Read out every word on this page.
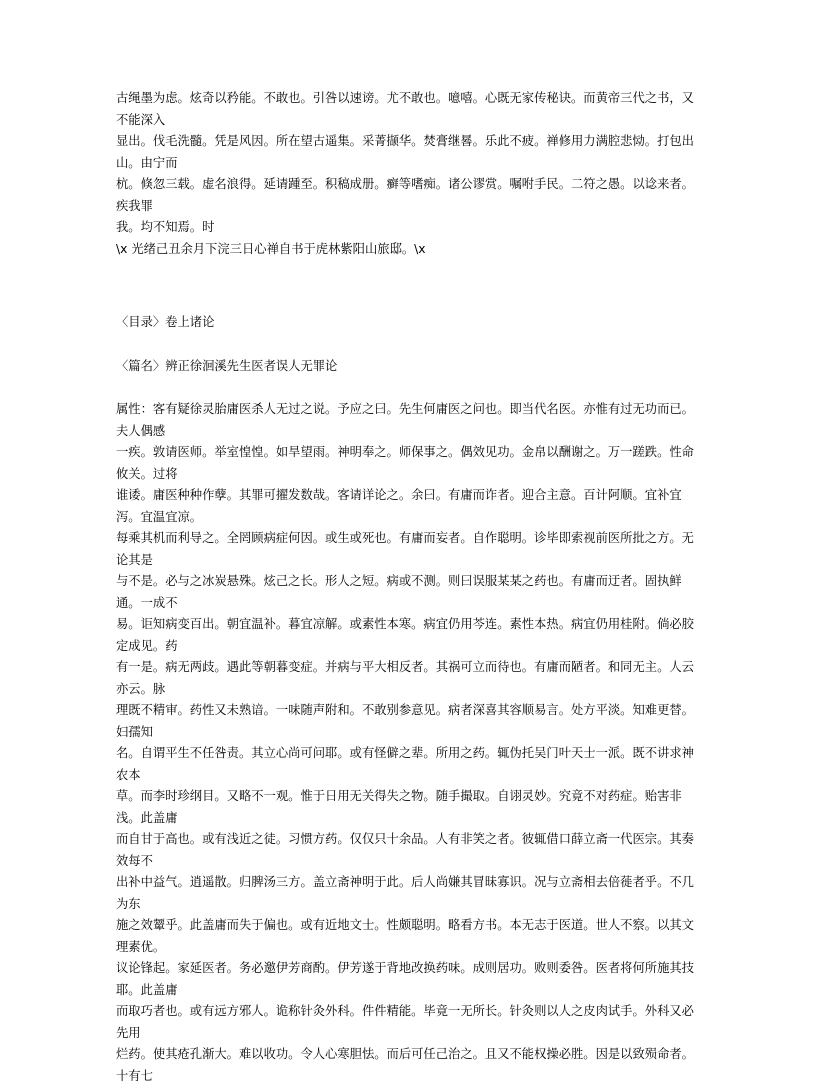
古绳墨为虑。炫奇以矜能。不敢也。引咎以速谤。尤不敢也。噫嘻。心既无家传秘诀。而黄帝三代之书，又不能深入

显出。伐毛洗髓。凭是风因。所在望古遥集。采菁撷华。焚膏继晷。乐此不疲。禅修用力满腔悲恸。打包出山。由宁而

杭。倏忽三载。虚名浪得。延请踵至。积稿成册。癣等嗜痴。诸公谬赏。嘱咐手民。二符之愚。以谂来者。疾我罪

我。均不知焉。时

\x 光绪己丑余月下浣三日心禅自书于虎林紫阳山旅邸。\x

〈目录〉卷上诸论

〈篇名〉辨正徐洄溪先生医者误人无罪论

属性：客有疑徐灵胎庸医杀人无过之说。予应之曰。先生何庸医之问也。即当代名医。亦惟有过无功而已。夫人偶感

一疾。敦请医师。举室惶惶。如旱望雨。神明奉之。师保事之。偶效见功。金帛以酬谢之。万一蹉跌。性命攸关。过将

谁诿。庸医种种作孽。其罪可擢发数哉。客请详论之。余曰。有庸而诈者。迎合主意。百计阿顺。宜补宜泻。宜温宜凉。

每乘其机而利导之。全罔顾病症何因。或生或死也。有庸而妄者。自作聪明。诊毕即索视前医所批之方。无论其是

与不是。必与之冰炭悬殊。炫己之长。形人之短。病或不测。则曰误服某某之药也。有庸而迂者。固执鲜通。一成不

易。讵知病变百出。朝宜温补。暮宜凉解。或素性本寒。病宜仍用芩连。素性本热。病宜仍用桂附。倘必胶定成见。药

有一是。病无两歧。遇此等朝暮变症。并病与平大相反者。其祸可立而待也。有庸而陋者。和同无主。人云亦云。脉

理既不精审。药性又未熟谙。一味随声附和。不敢别参意见。病者深喜其容顺易言。处方平淡。知难更替。妇孺知

名。自谓平生不任咎责。其立心尚可问耶。或有怪僻之辈。所用之药。辄伪托吴门叶天士一派。既不讲求神农本

草。而李时珍纲目。又略不一观。惟于日用无关得失之物。随手撮取。自诩灵妙。究竟不对药症。贻害非浅。此盖庸

而自甘于高也。或有浅近之徒。习惯方药。仅仅只十余品。人有非笑之者。彼辄借口薛立斋一代医宗。其奏效每不

出补中益气。逍遥散。归脾汤三方。盖立斋神明于此。后人尚嫌其冒昧寡识。况与立斋相去倍蓰者乎。不几为东

施之效颦乎。此盖庸而失于偏也。或有近地文士。性颇聪明。略看方书。本无志于医道。世人不察。以其文理素优。

议论锋起。家延医者。务必邀伊芳商酌。伊芳遂于背地改换药味。成则居功。败则委咎。医者将何所施其技耶。此盖庸

而取巧者也。或有远方邪人。诡称针灸外科。件件精能。毕竟一无所长。针灸则以人之皮肉试手。外科又必先用

烂药。使其疮孔渐大。难以收功。令人心寒胆怯。而后可任己治之。且又不能权操必胜。因是以致殒命者。十有七
